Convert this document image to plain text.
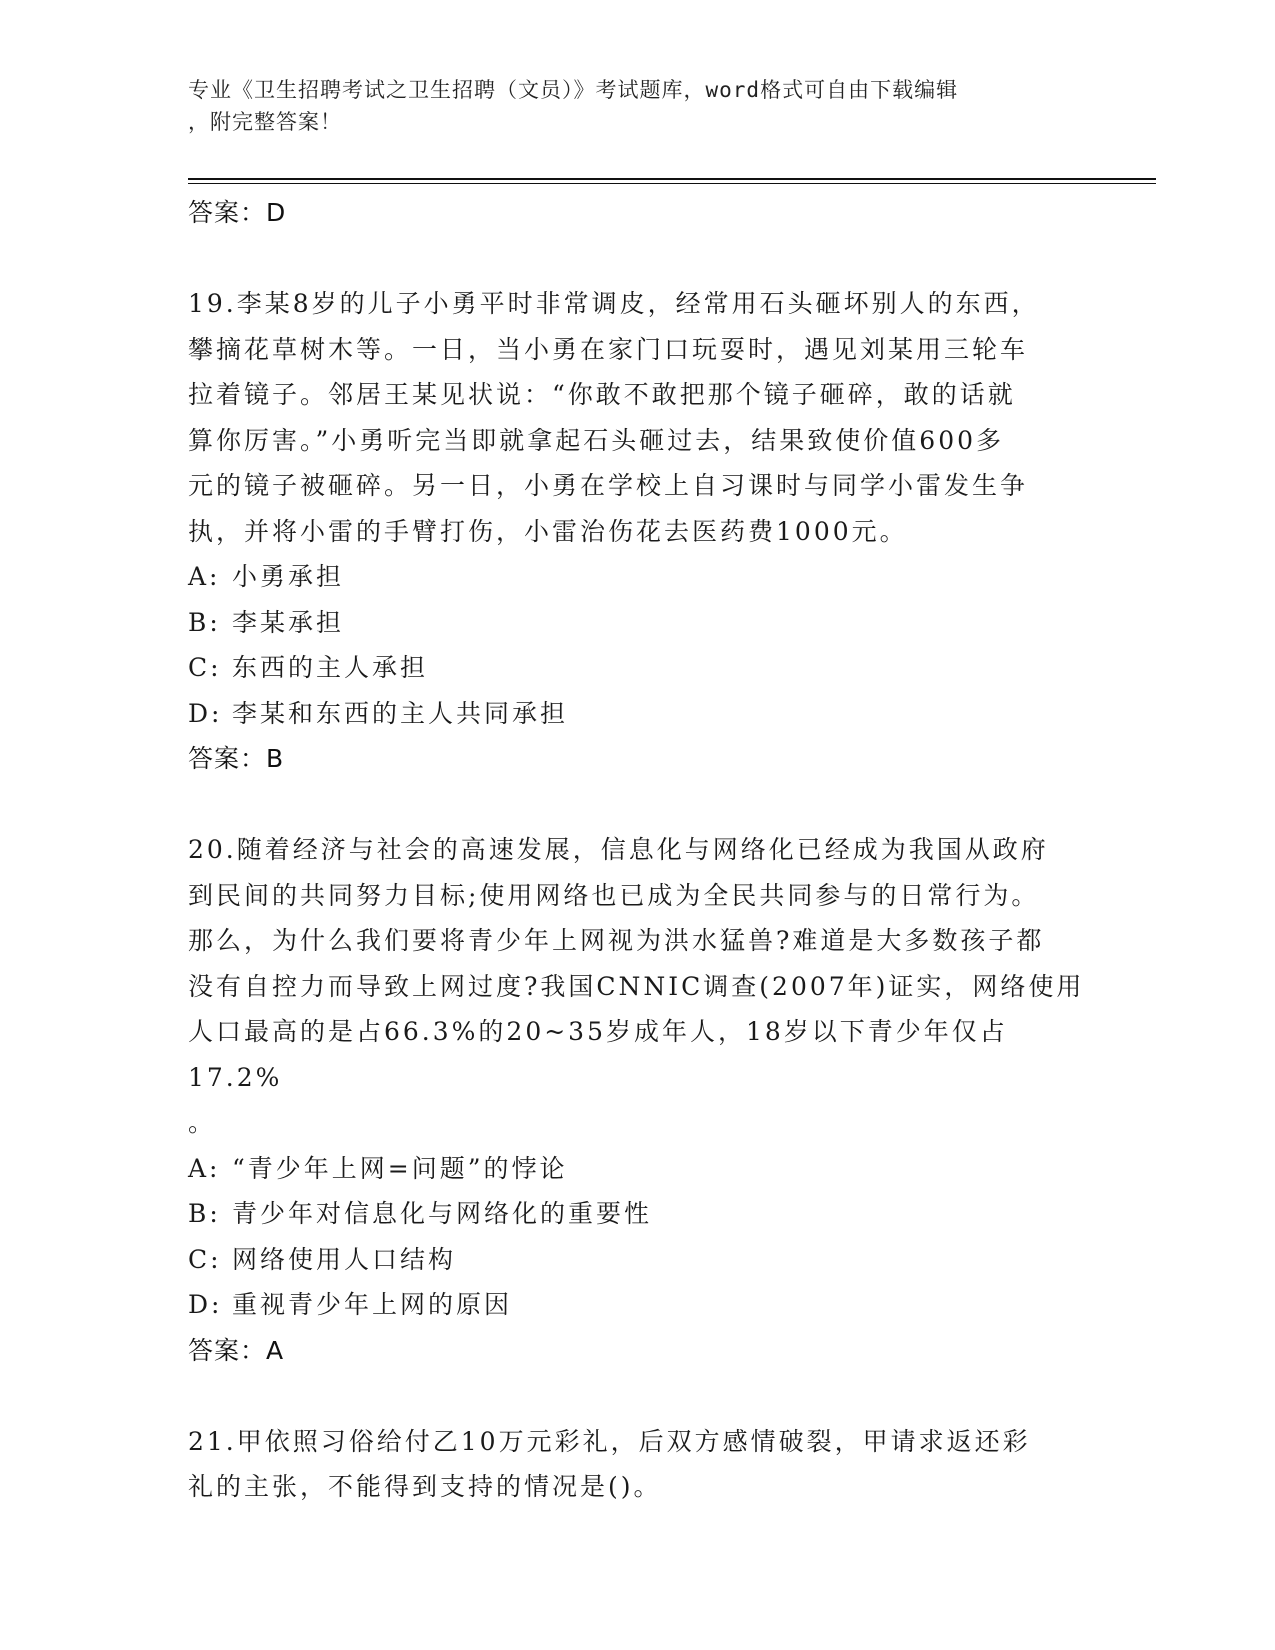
专业《卫生招聘考试之卫生招聘（文员）》考试题库，word格式可自由下载编辑
，附完整答案！
答案：D

19.李某8岁的儿子小勇平时非常调皮，经常用石头砸坏别人的东西，

攀摘花草树木等。一日，当小勇在家门口玩耍时，遇见刘某用三轮车

拉着镜子。邻居王某见状说：“你敢不敢把那个镜子砸碎，敢的话就

算你厉害。”小勇听完当即就拿起石头砸过去，结果致使价值600多

元的镜子被砸碎。另一日，小勇在学校上自习课时与同学小雷发生争

执，并将小雷的手臂打伤，小雷治伤花去医药费1000元。

A: 小勇承担

B: 李某承担

C: 东西的主人承担

D: 李某和东西的主人共同承担

答案：B

20.随着经济与社会的高速发展，信息化与网络化已经成为我国从政府

到民间的共同努力目标;使用网络也已成为全民共同参与的日常行为。

那么，为什么我们要将青少年上网视为洪水猛兽?难道是大多数孩子都

没有自控力而导致上网过度?我国CNNIC调查(2007年)证实，网络使用

人口最高的是占66.3%的20~35岁成年人，18岁以下青少年仅占17.2%

。

A: “青少年上网=问题”的悖论

B: 青少年对信息化与网络化的重要性

C: 网络使用人口结构

D: 重视青少年上网的原因

答案：A

21.甲依照习俗给付乙10万元彩礼，后双方感情破裂，甲请求返还彩

礼的主张，不能得到支持的情况是()。
